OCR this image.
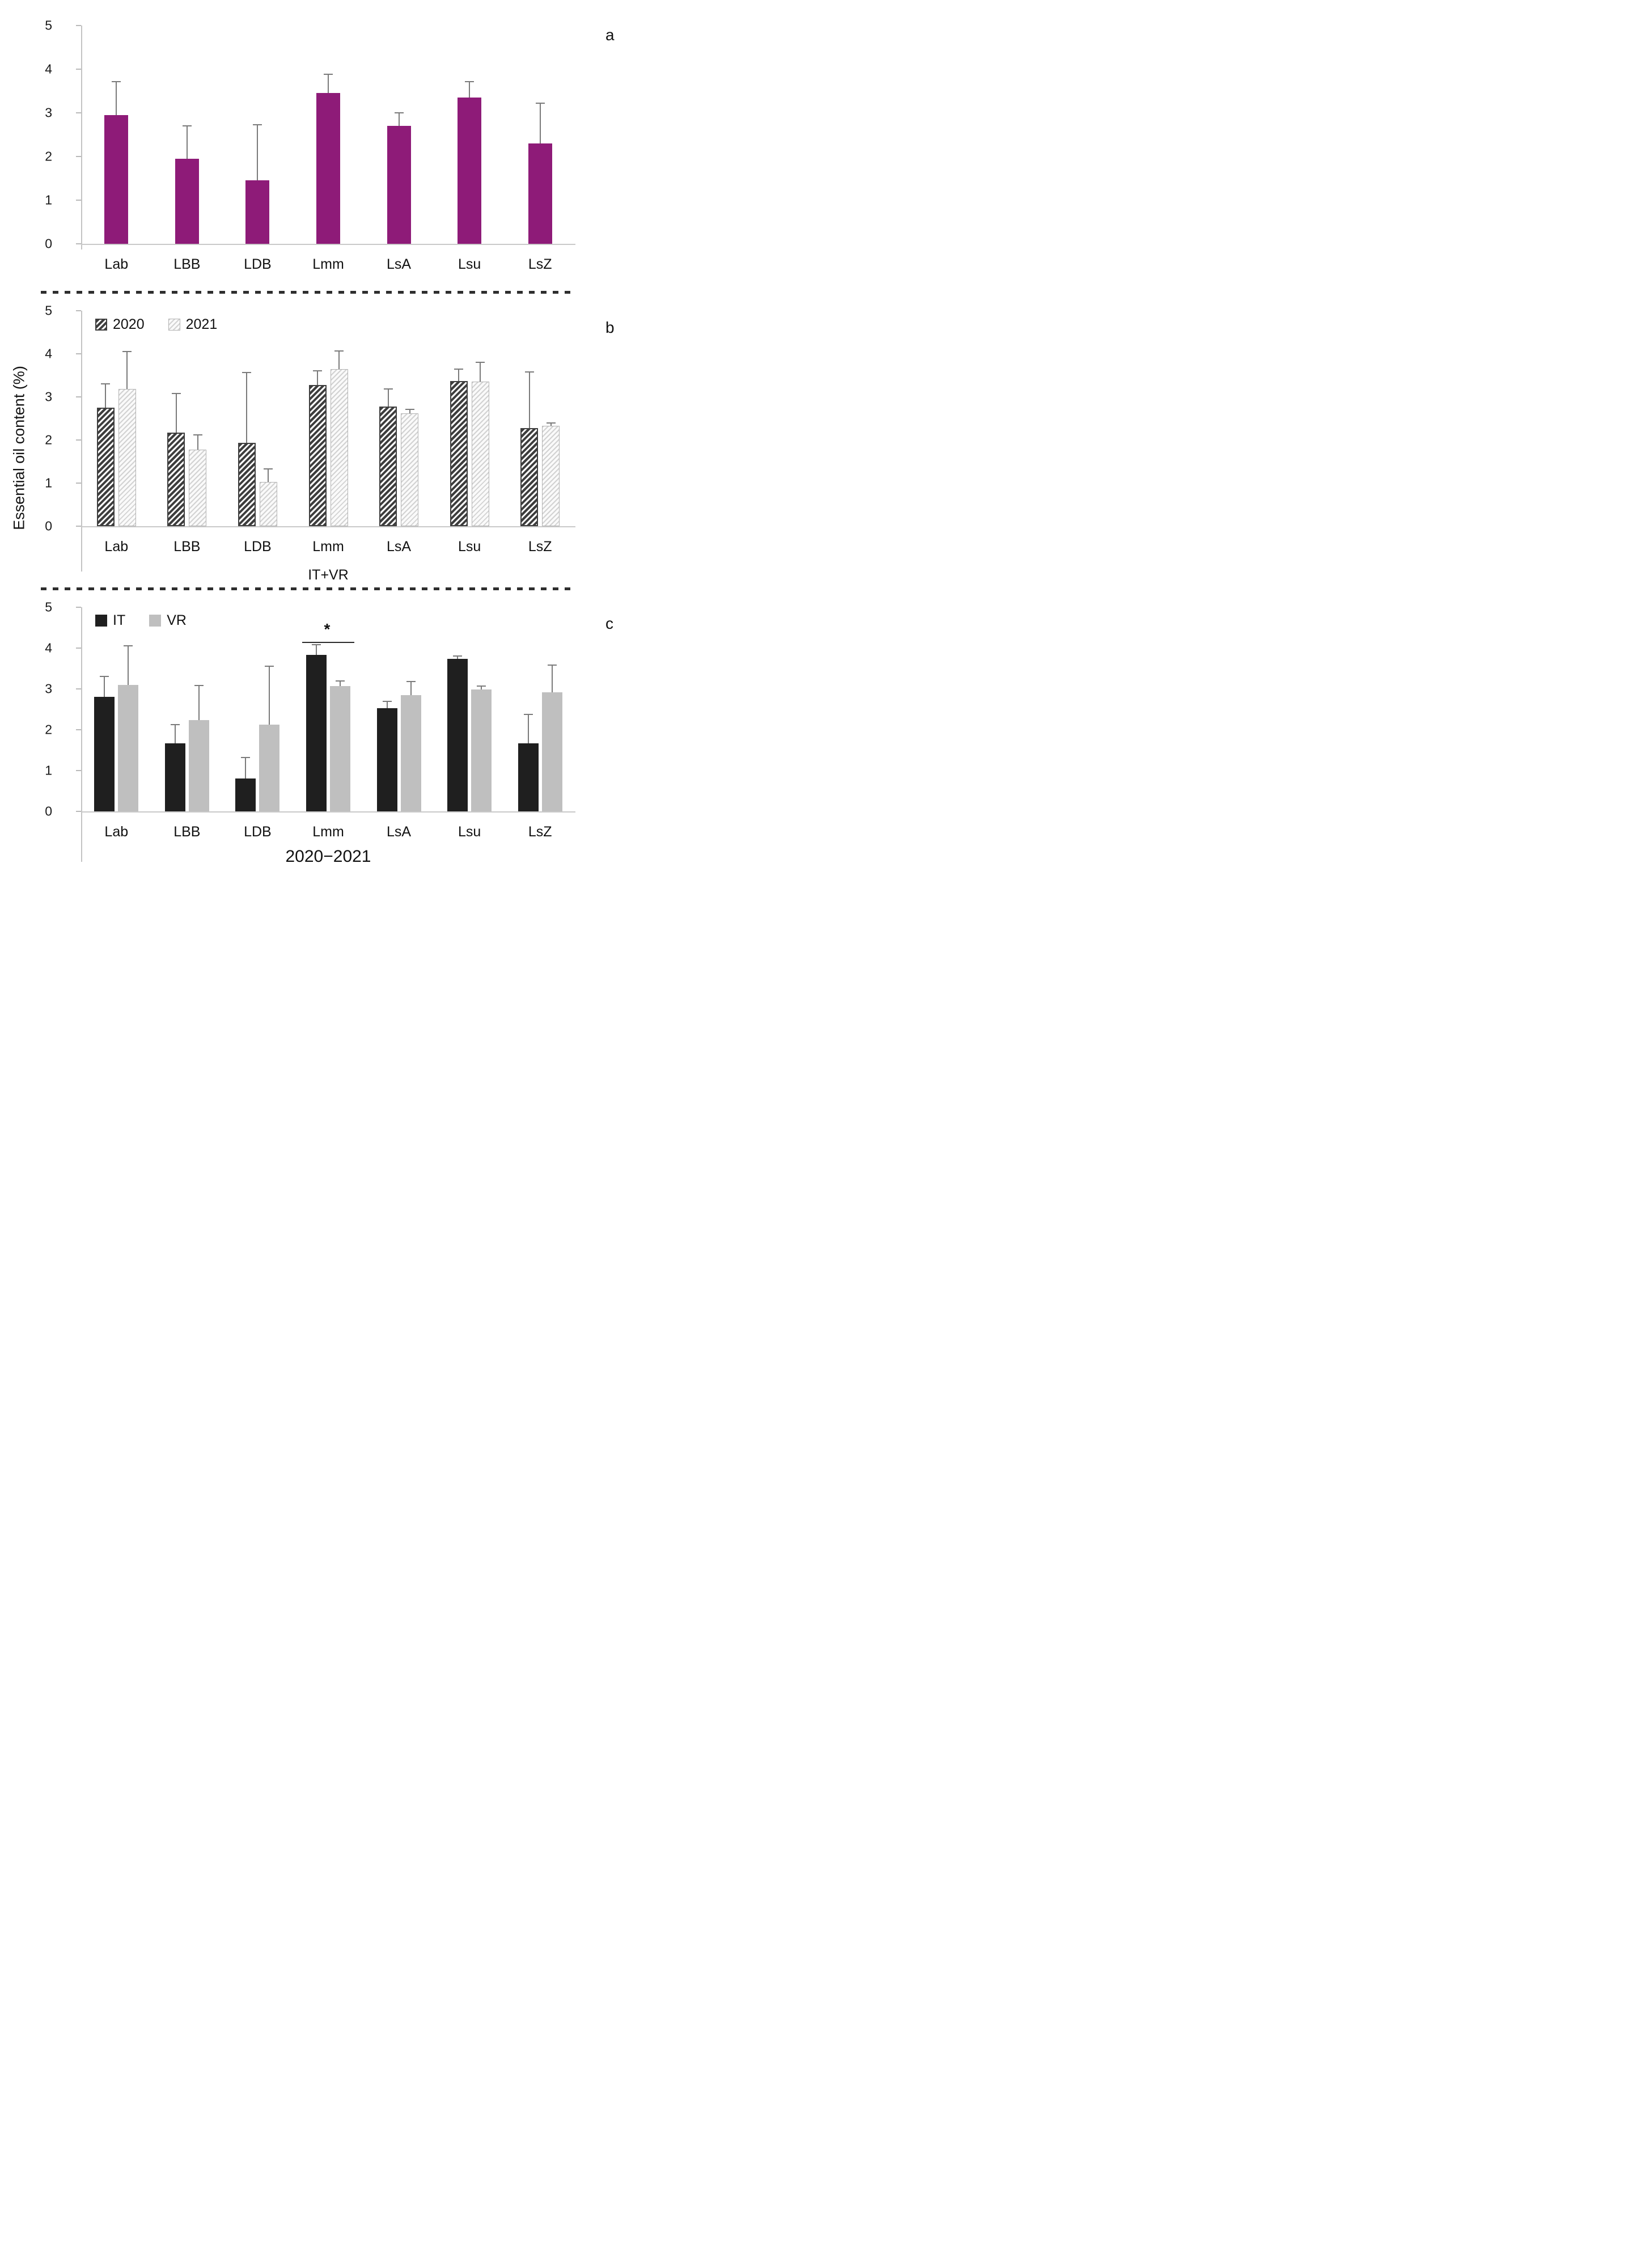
Essential oil content (%)
0
1
2
3
4
5
Lab	LBB	LDB	Lmm	LsA	Lsu	LsZ
a
0
1
2
3
4
5
Lab	LBB	LDB	Lmm	LsA	Lsu	LsZ
IT+VR
2020	2021	b
0
1
2
3
4
5
Lab	LBB	LDB	Lmm	LsA	Lsu	LsZ
2020−2021
IT	VR	c
*
